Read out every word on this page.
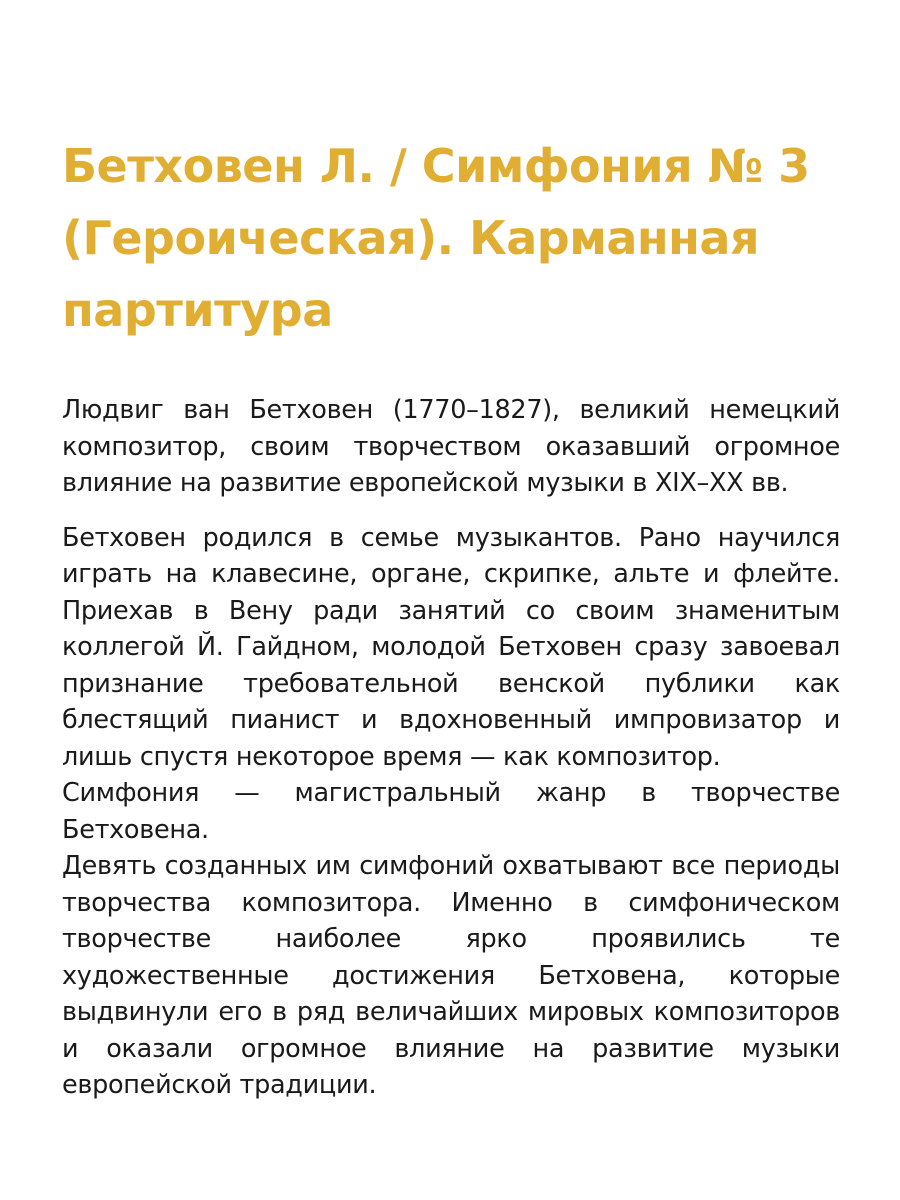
Бетховен Л. / Симфония № 3 (Героическая). Карманная партитура

Людвиг ван Бетховен (1770–1827), великий немецкий композитор, своим творчеством оказавший огромное влияние на развитие европейской музыки в XIX–XX вв.

Бетховен родился в семье музыкантов. Рано научился играть на клавесине, органе, скрипке, альте и флейте. Приехав в Вену ради занятий со своим знаменитым коллегой Й. Гайдном, молодой Бетховен сразу завоевал признание требовательной венской публики как блестящий пианист и вдохновенный импровизатор и лишь спустя некоторое время — как композитор.

Симфония — магистральный жанр в творчестве Бетховена.

Девять созданных им симфоний охватывают все периоды творчества композитора. Именно в симфоническом творчестве наиболее ярко проявились те художественные достижения Бетховена, которые выдвинули его в ряд величайших мировых композиторов и оказали огромное влияние на развитие музыки европейской традиции.
